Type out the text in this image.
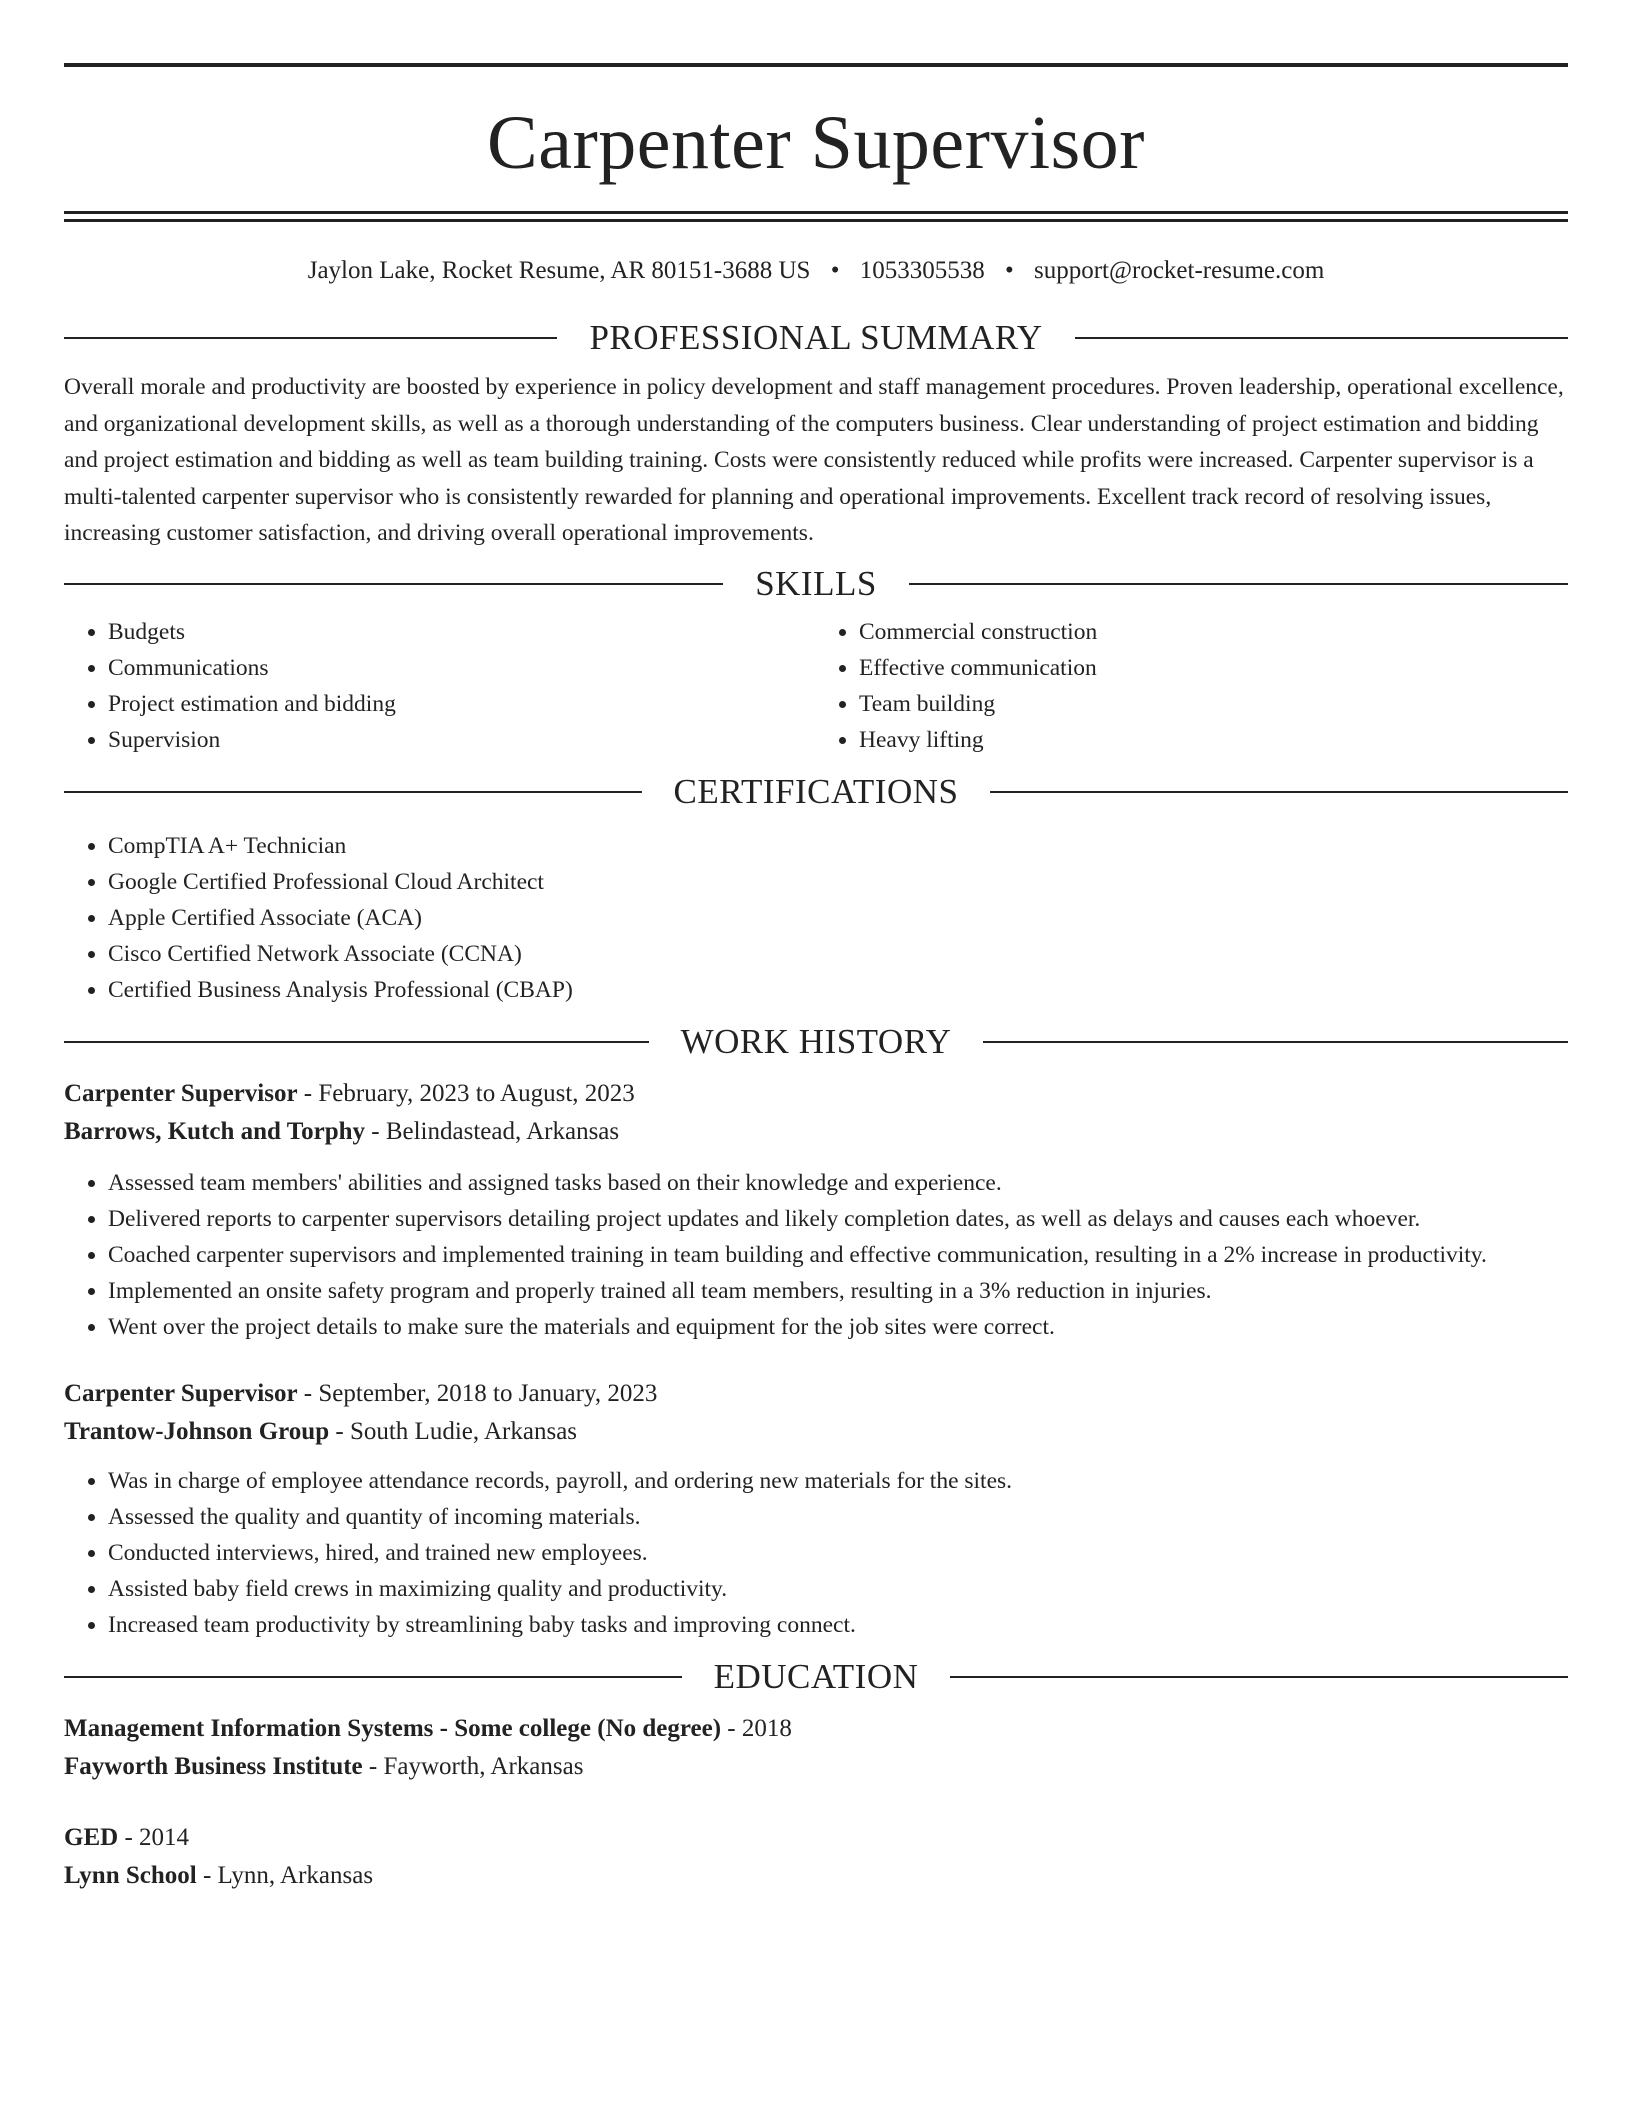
Carpenter Supervisor
Jaylon Lake, Rocket Resume, AR 80151-3688 US • 1053305538 • support@rocket-resume.com
PROFESSIONAL SUMMARY

Overall morale and productivity are boosted by experience in policy development and staff management procedures. Proven leadership, operational excellence, and organizational development skills, as well as a thorough understanding of the computers business. Clear understanding of project estimation and bidding and project estimation and bidding as well as team building training. Costs were consistently reduced while profits were increased. Carpenter supervisor is a multi-talented carpenter supervisor who is consistently rewarded for planning and operational improvements. Excellent track record of resolving issues, increasing customer satisfaction, and driving overall operational improvements.

SKILLS
• Budgets
• Communications
• Project estimation and bidding
• Supervision
• Commercial construction
• Effective communication
• Team building
• Heavy lifting
CERTIFICATIONS
• CompTIA A+ Technician
• Google Certified Professional Cloud Architect
• Apple Certified Associate (ACA)
• Cisco Certified Network Associate (CCNA)
• Certified Business Analysis Professional (CBAP)
WORK HISTORY
Carpenter Supervisor - February, 2023 to August, 2023
Barrows, Kutch and Torphy - Belindastead, Arkansas
• Assessed team members' abilities and assigned tasks based on their knowledge and experience.
• Delivered reports to carpenter supervisors detailing project updates and likely completion dates, as well as delays and causes each whoever.
• Coached carpenter supervisors and implemented training in team building and effective communication, resulting in a 2% increase in productivity.
• Implemented an onsite safety program and properly trained all team members, resulting in a 3% reduction in injuries.
• Went over the project details to make sure the materials and equipment for the job sites were correct.
Carpenter Supervisor - September, 2018 to January, 2023
Trantow-Johnson Group - South Ludie, Arkansas
• Was in charge of employee attendance records, payroll, and ordering new materials for the sites.
• Assessed the quality and quantity of incoming materials.
• Conducted interviews, hired, and trained new employees.
• Assisted baby field crews in maximizing quality and productivity.
• Increased team productivity by streamlining baby tasks and improving connect.
EDUCATION
Management Information Systems - Some college (No degree) - 2018
Fayworth Business Institute - Fayworth, Arkansas
GED - 2014
Lynn School - Lynn, Arkansas
